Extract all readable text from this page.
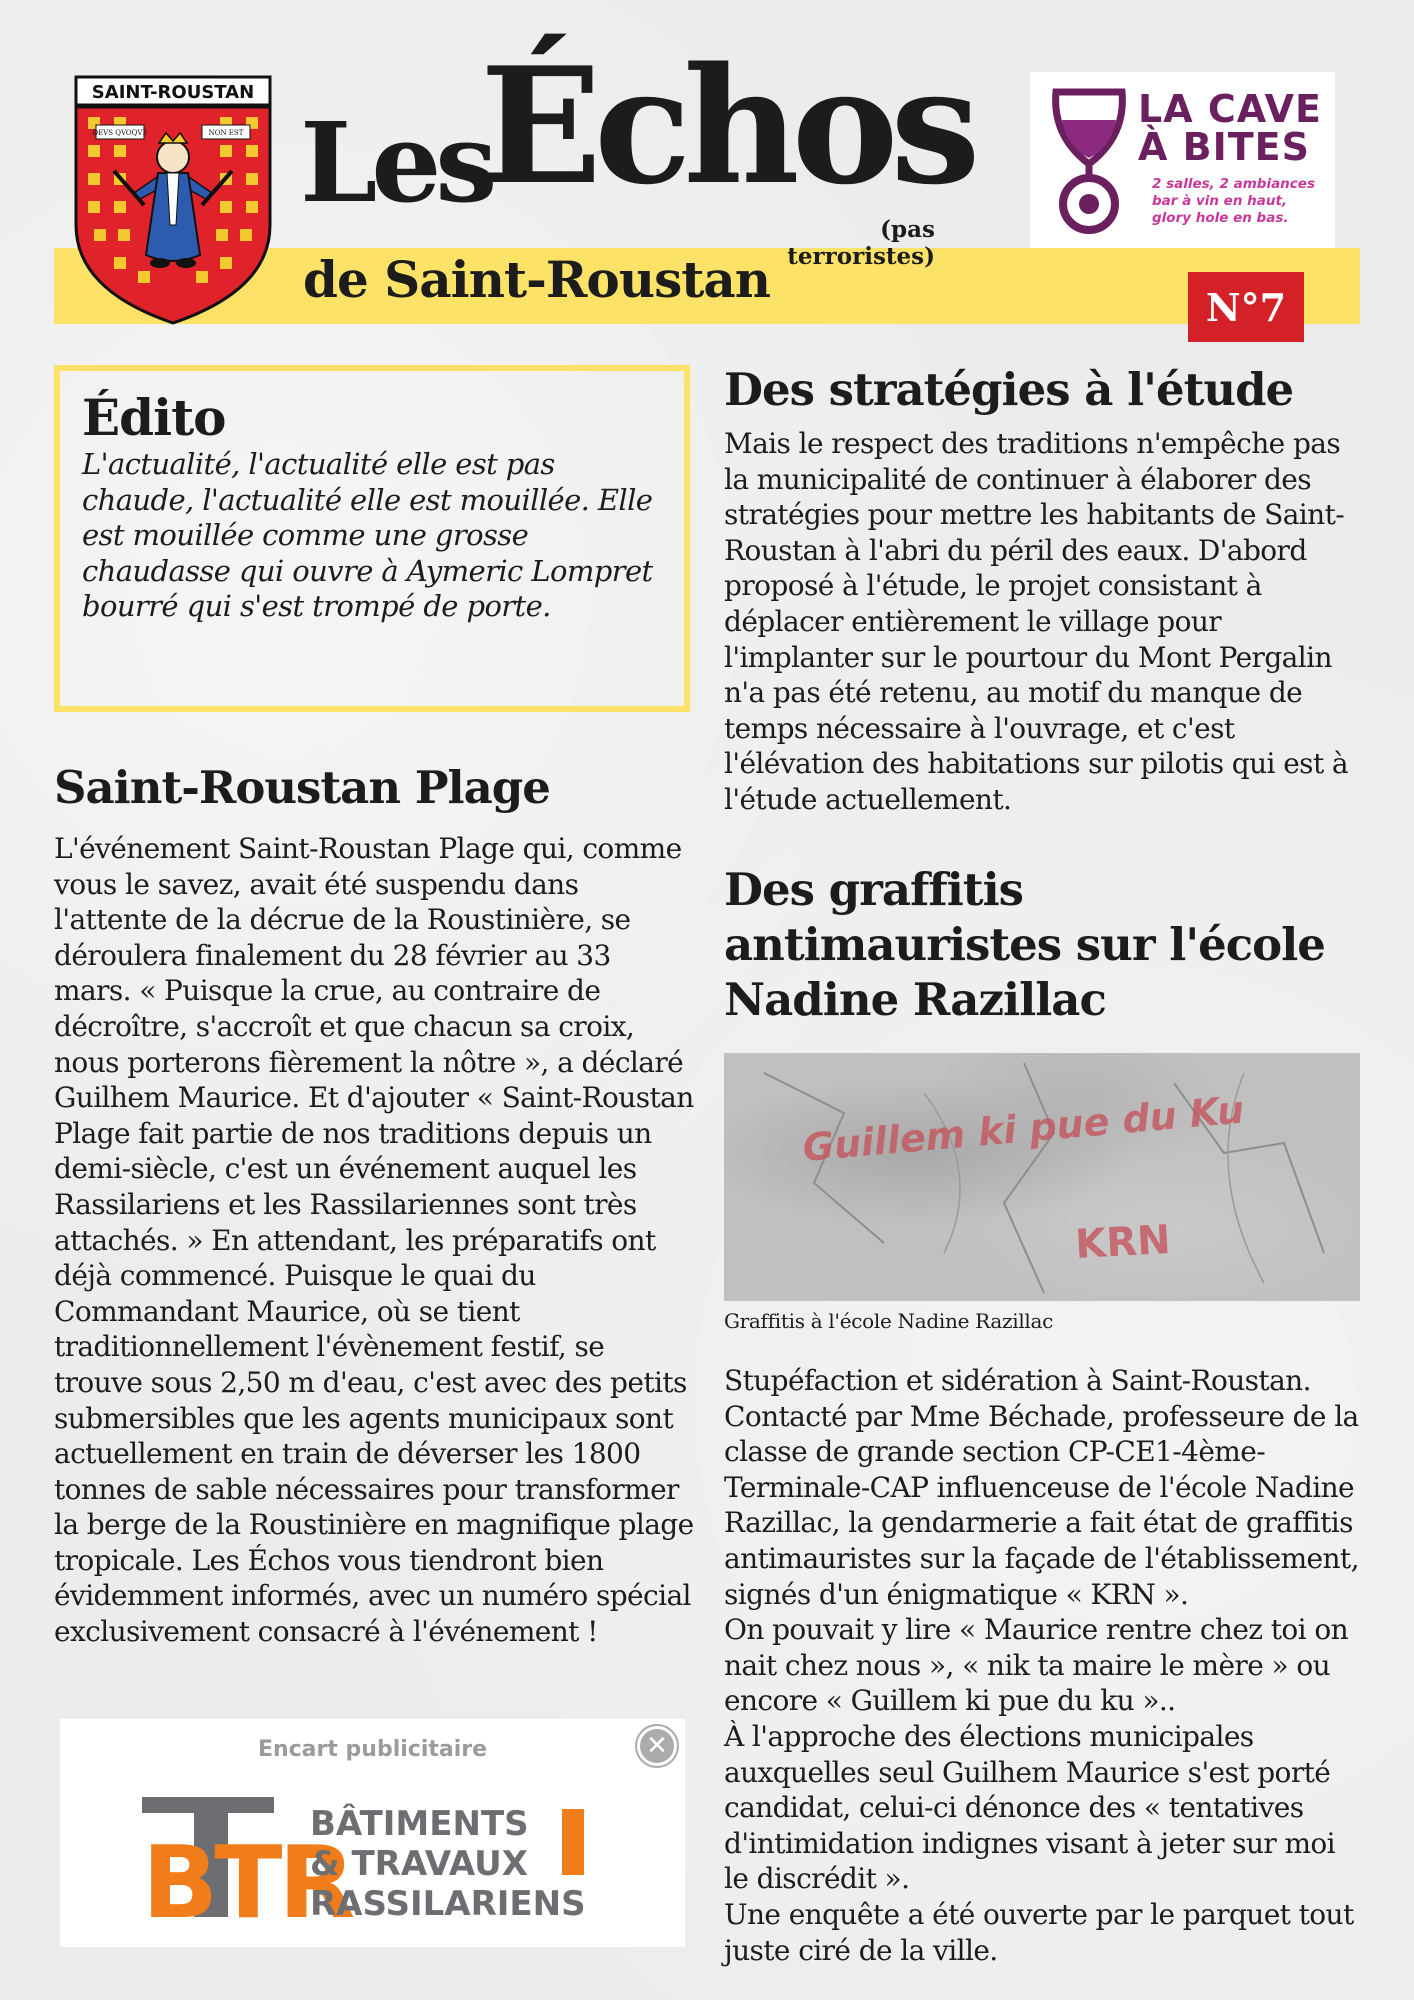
SAINT-ROUSTAN
DEVS QVOQVE	NON EST Les
Échos
(pas terroristes)
de Saint-Roustan	N°7
LA CAVE À BITES
2 salles, 2 ambiances bar à vin en haut, glory hole en bas.
Édito

L'actualité, l'actualité elle est pas chaude, l'actualité elle est mouillée. Elle est mouillée comme une grosse chaudasse qui ouvre à Aymeric Lompret bourré qui s'est trompé de porte.

Saint-Roustan Plage
L'événement Saint-Roustan Plage qui, comme vous le savez, avait été suspendu dans l'attente de la décrue de la Roustinière, se déroulera finalement du 28 février au 33 mars. « Puisque la crue, au contraire de décroître, s'accroît et que chacun sa croix, nous porterons fièrement la nôtre », a déclaré Guilhem Maurice. Et d'ajouter « Saint-Roustan Plage fait partie de nos traditions depuis un demi-siècle, c'est un événement auquel les Rassilariens et les Rassilariennes sont très attachés. » En attendant, les préparatifs ont déjà commencé. Puisque le quai du Commandant Maurice, où se tient traditionnellement l'évènement festif, se trouve sous 2,50 m d'eau, c'est avec des petits submersibles que les agents municipaux sont actuellement en train de déverser les 1800 tonnes de sable nécessaires pour transformer la berge de la Roustinière en magnifique plage tropicale. Les Échos vous tiendront bien évidemment informés, avec un numéro spécial exclusivement consacré à l'événement !
Des stratégies à l'étude
Mais le respect des traditions n'empêche pas la municipalité de continuer à élaborer des stratégies pour mettre les habitants de Saint-Roustan à l'abri du péril des eaux. D'abord proposé à l'étude, le projet consistant à déplacer entièrement le village pour l'implanter sur le pourtour du Mont Pergalin n'a pas été retenu, au motif du manque de temps nécessaire à l'ouvrage, et c'est l'élévation des habitations sur pilotis qui est à l'étude actuellement.
Des graffitis antimauristes sur l'école Nadine Razillac
Guillem ki pue du Ku
KRN
Graffitis à l'école Nadine Razillac

Stupéfaction et sidération à Saint-Roustan. Contacté par Mme Béchade, professeure de la classe de grande section CP-CE1-4ème-Terminale-CAP influenceuse de l'école Nadine Razillac, la gendarmerie a fait état de graffitis antimauristes sur la façade de l'établissement, signés d'un énigmatique « KRN ».

On pouvait y lire « Maurice rentre chez toi on nait chez nous », « nik ta maire le mère » ou encore « Guillem ki pue du ku »..

À l'approche des élections municipales auxquelles seul Guilhem Maurice s'est porté candidat, celui-ci dénonce des « tentatives d'intimidation indignes visant à jeter sur moi le discrédit ».

Une enquête a été ouverte par le parquet tout juste ciré de la ville.

Encart publicitaire	✕
BTR
BÂTIMENTS
& TRAVAUX
RASSILARIENS
